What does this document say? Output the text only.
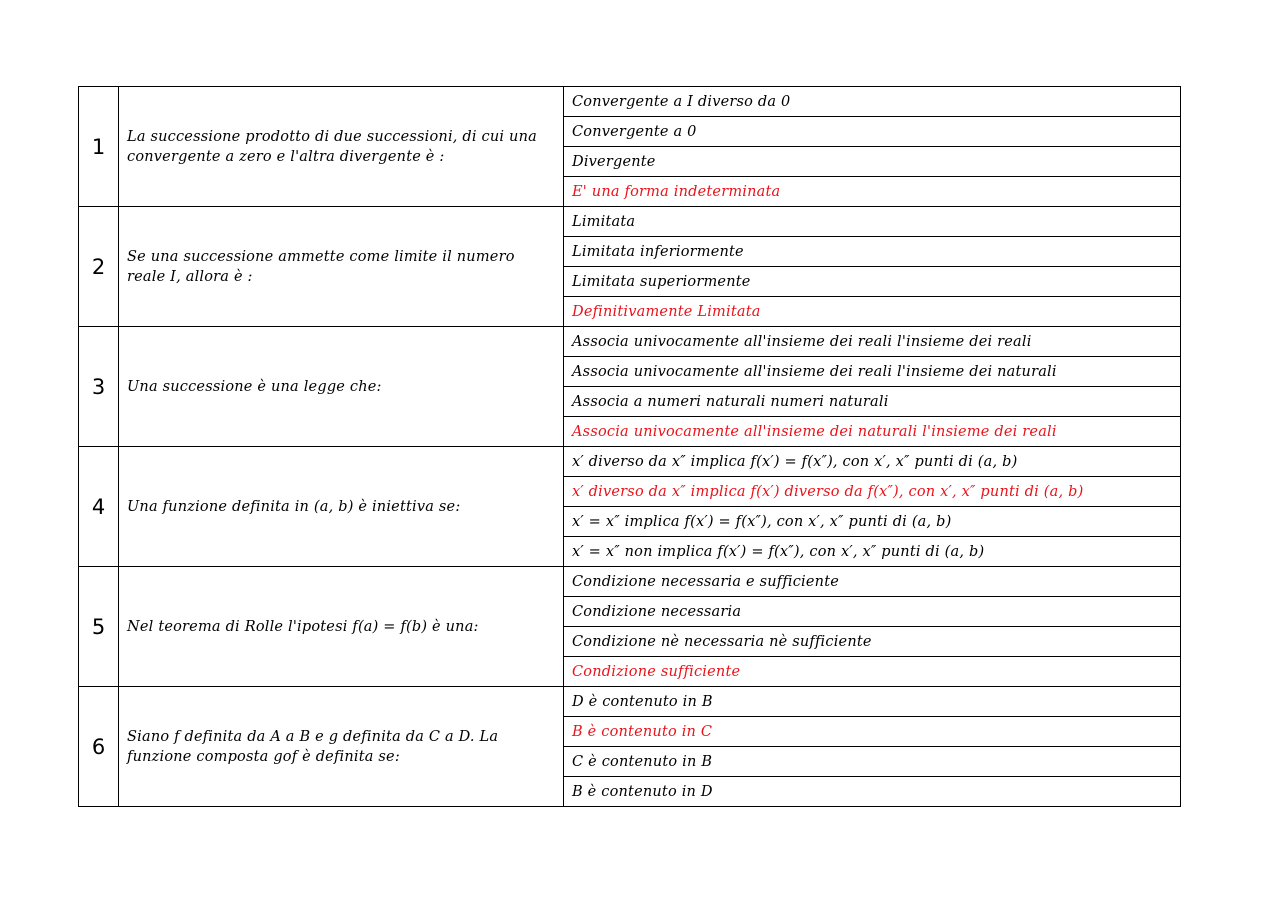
1	La successione prodotto di due successioni, di cui una convergente a zero e l'altra divergente è :	Convergente a I diverso da 0
		Convergente a 0
		Divergente
		E' una forma indeterminata
2	Se una successione ammette come limite il numero reale I, allora è :	Limitata
		Limitata inferiormente
		Limitata superiormente
		Definitivamente Limitata
3	Una successione è una legge che:	Associa univocamente all'insieme dei reali l'insieme dei reali
		Associa univocamente all'insieme dei reali l'insieme dei naturali
		Associa a numeri naturali numeri naturali
		Associa univocamente all'insieme dei naturali l'insieme dei reali
4	Una funzione definita in (a, b) è iniettiva se:	x′ diverso da x″ implica f(x′) = f(x″), con x′, x″ punti di (a, b)
		x′ diverso da x″ implica f(x′) diverso da f(x″), con x′, x″ punti di (a, b)
		x′ = x″ implica f(x′) = f(x″), con x′, x″ punti di (a, b)
		x′ = x″ non implica f(x′) = f(x″), con x′, x″ punti di (a, b)
5	Nel teorema di Rolle l'ipotesi f(a) = f(b) è una:	Condizione necessaria e sufficiente
		Condizione necessaria
		Condizione nè necessaria nè sufficiente
		Condizione sufficiente
6	Siano f definita da A a B e g definita da C a D. La funzione composta gof è definita se:	D è contenuto in B
		B è contenuto in C
		C è contenuto in B
		B è contenuto in D
